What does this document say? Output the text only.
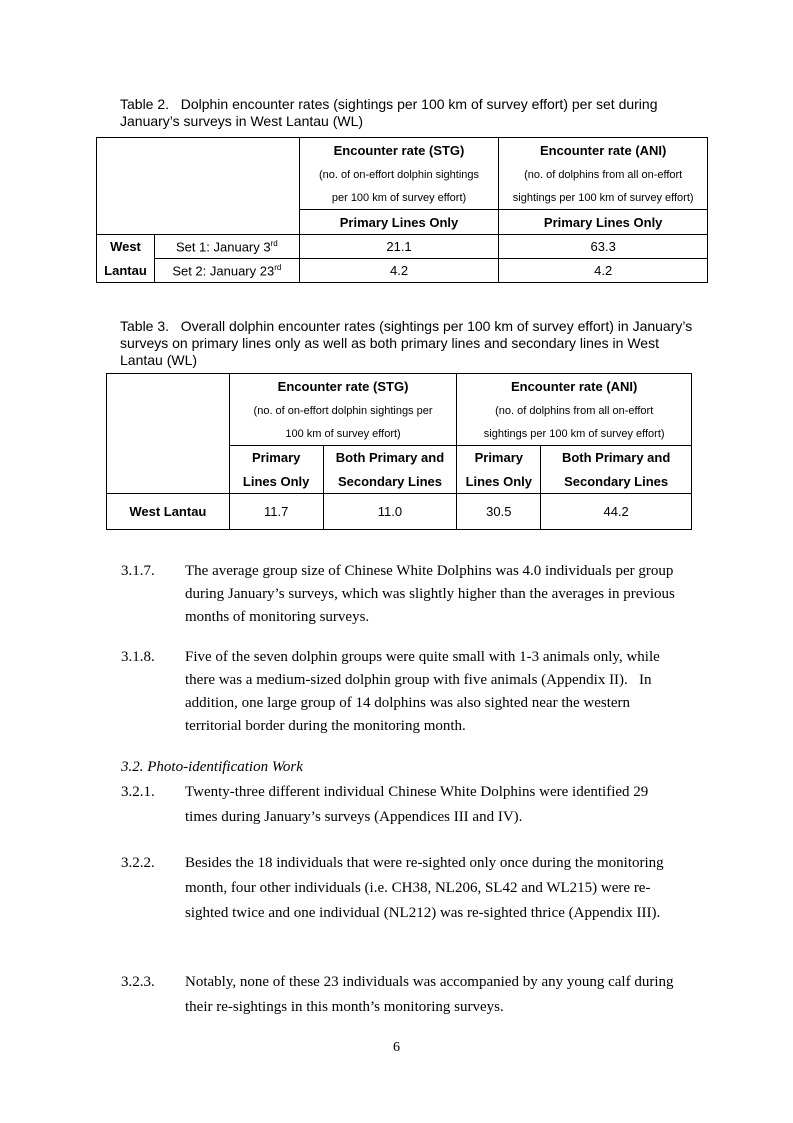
Table 2. Dolphin encounter rates (sightings per 100 km of survey effort) per set during January’s surveys in West Lantau (WL)
		Encounter rate (STG)	Encounter rate (ANI)
		(no. of on-effort dolphin sightings	(no. of dolphins from all on-effort
		per 100 km of survey effort)	sightings per 100 km of survey effort)
		Primary Lines Only	Primary Lines Only
West	Set 1: January 3rd	21.1	63.3
Lantau	Set 2: January 23rd	4.2	4.2
Table 3. Overall dolphin encounter rates (sightings per 100 km of survey effort) in January’s surveys on primary lines only as well as both primary lines and secondary lines in West Lantau (WL)
	Encounter rate (STG)		Encounter rate (ANI)	
	(no. of on-effort dolphin sightings per		(no. of dolphins from all on-effort	
	100 km of survey effort)		sightings per 100 km of survey effort)	
	Primary	Both Primary and	Primary	Both Primary and
	Lines Only	Secondary Lines	Lines Only	Secondary Lines
West Lantau	11.7	11.0	30.5	44.2
3.1.7. The average group size of Chinese White Dolphins was 4.0 individuals per group during January’s surveys, which was slightly higher than the averages in previous months of monitoring surveys.
3.1.8. Five of the seven dolphin groups were quite small with 1-3 animals only, while there was a medium-sized dolphin group with five animals (Appendix II).   In addition, one large group of 14 dolphins was also sighted near the western territorial border during the monitoring month.
3.2. Photo-identification Work
3.2.1. Twenty-three different individual Chinese White Dolphins were identified 29 times during January’s surveys (Appendices III and IV).
3.2.2. Besides the 18 individuals that were re-sighted only once during the monitoring month, four other individuals (i.e. CH38, NL206, SL42 and WL215) were re-sighted twice and one individual (NL212) was re-sighted thrice (Appendix III).
3.2.3. Notably, none of these 23 individuals was accompanied by any young calf during their re-sightings in this month’s monitoring surveys.
6
